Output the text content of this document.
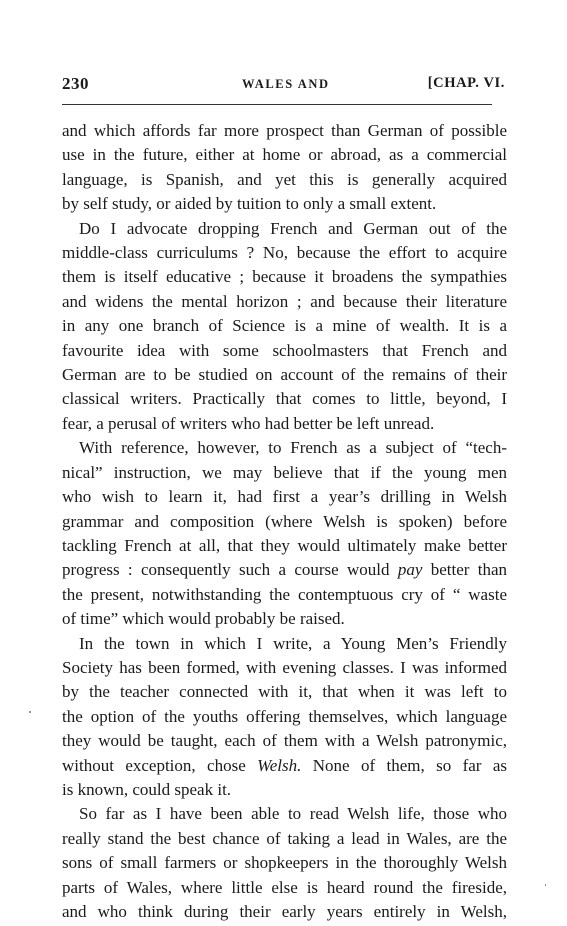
230	WALES AND	[CHAP. VI.
and which affords far more prospect than German of possible
use in the future, either at home or abroad, as a commercial
language, is Spanish, and yet this is generally acquired
by self study, or aided by tuition to only a small extent.
Do I advocate dropping French and German out of the
middle-class curriculums ? No, because the effort to acquire
them is itself educative ; because it broadens the sympathies
and widens the mental horizon ; and because their literature
in any one branch of Science is a mine of wealth. It is a
favourite idea with some schoolmasters that French and
German are to be studied on account of the remains of their
classical writers. Practically that comes to little, beyond, I
fear, a perusal of writers who had better be left unread.
With reference, however, to French as a subject of “tech-
nical” instruction, we may believe that if the young men
who wish to learn it, had first a year’s drilling in Welsh
grammar and composition (where Welsh is spoken) before
tackling French at all, that they would ultimately make better
progress : consequently such a course would pay better than
the present, notwithstanding the contemptuous cry of “ waste
of time” which would probably be raised.
In the town in which I write, a Young Men’s Friendly
Society has been formed, with evening classes. I was informed
by the teacher connected with it, that when it was left to
the option of the youths offering themselves, which language
they would be taught, each of them with a Welsh patronymic,
without exception, chose Welsh. None of them, so far as
is known, could speak it.
So far as I have been able to read Welsh life, those who
really stand the best chance of taking a lead in Wales, are the
sons of small farmers or shopkeepers in the thoroughly Welsh
parts of Wales, where little else is heard round the fireside,
and who think during their early years entirely in Welsh,
